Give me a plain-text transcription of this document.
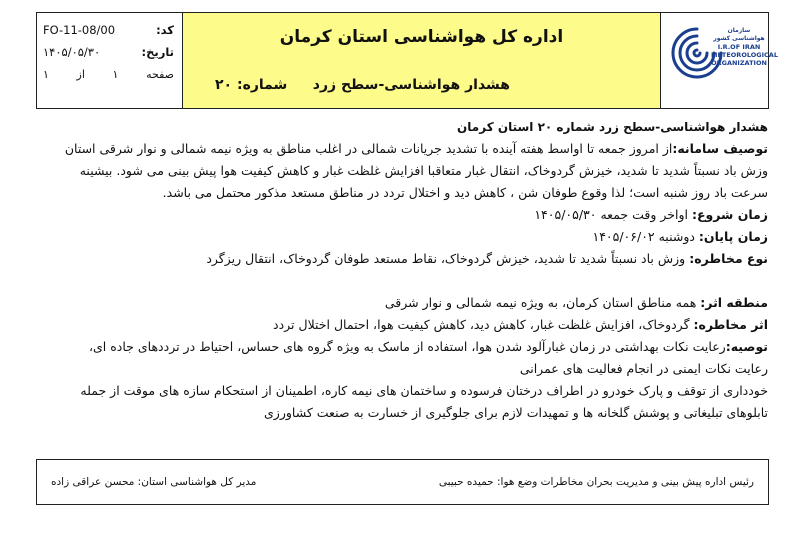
کد:
FO-11-08/00
تاریخ:
۱۴۰۵/۰۵/۳۰
صفحه
۱
از
۱
اداره کل هواشناسی استان کرمان
هشدار هواشناسی-سطح زرد
شماره: ۲۰
سازمان هواشناسی کشور
I.R.OF IRAN
METEOROLOGICAL
ORGANIZATION

هشدار هواشناسی-سطح زرد شماره ۲۰ استان کرمان

توصیف سامانه:از امروز جمعه تا اواسط هفته آینده با تشدید جریانات شمالی در اغلب مناطق به ویژه نیمه شمالی و نوار شرقی استان

وزش باد نسبتاً شدید تا شدید، خیزش گردوخاک، انتقال غبار متعاقبا افزایش غلظت غبار و کاهش کیفیت هوا پیش بینی می شود. بیشینه

سرعت باد روز شنبه است؛ لذا وقوع طوفان شن ، کاهش دید و اختلال تردد در مناطق مستعد مذکور محتمل می باشد.

زمان شروع: اواخر وقت جمعه ۱۴۰۵/۰۵/۳۰

زمان پایان: دوشنبه ۱۴۰۵/۰۶/۰۲

نوع مخاطره: وزش باد نسبتاً شدید تا شدید، خیزش گردوخاک، نقاط مستعد طوفان گردوخاک، انتقال ریزگرد

منطقه اثر: همه مناطق استان کرمان، به ویژه نیمه شمالی و نوار شرقی

اثر مخاطره: گردوخاک، افزایش غلظت غبار، کاهش دید، کاهش کیفیت هوا، احتمال اختلال تردد

توصیه:رعایت نکات بهداشتی در زمان غبارآلود شدن هوا، استفاده از ماسک به ویژه گروه های حساس، احتیاط در ترددهای جاده ای،

رعایت نکات ایمنی در انجام فعالیت های عمرانی

خودداری از توقف و پارک خودرو در اطراف درختان فرسوده و ساختمان های نیمه کاره، اطمینان از استحکام سازه های موقت از جمله

تابلوهای تبلیغاتی و پوشش گلخانه ها و تمهیدات لازم برای جلوگیری از خسارت به صنعت کشاورزی

رئیس اداره پیش بینی و مدیریت بحران مخاطرات وضع هوا: حمیده حبیبی
مدیر کل هواشناسی استان: محسن عراقی زاده
